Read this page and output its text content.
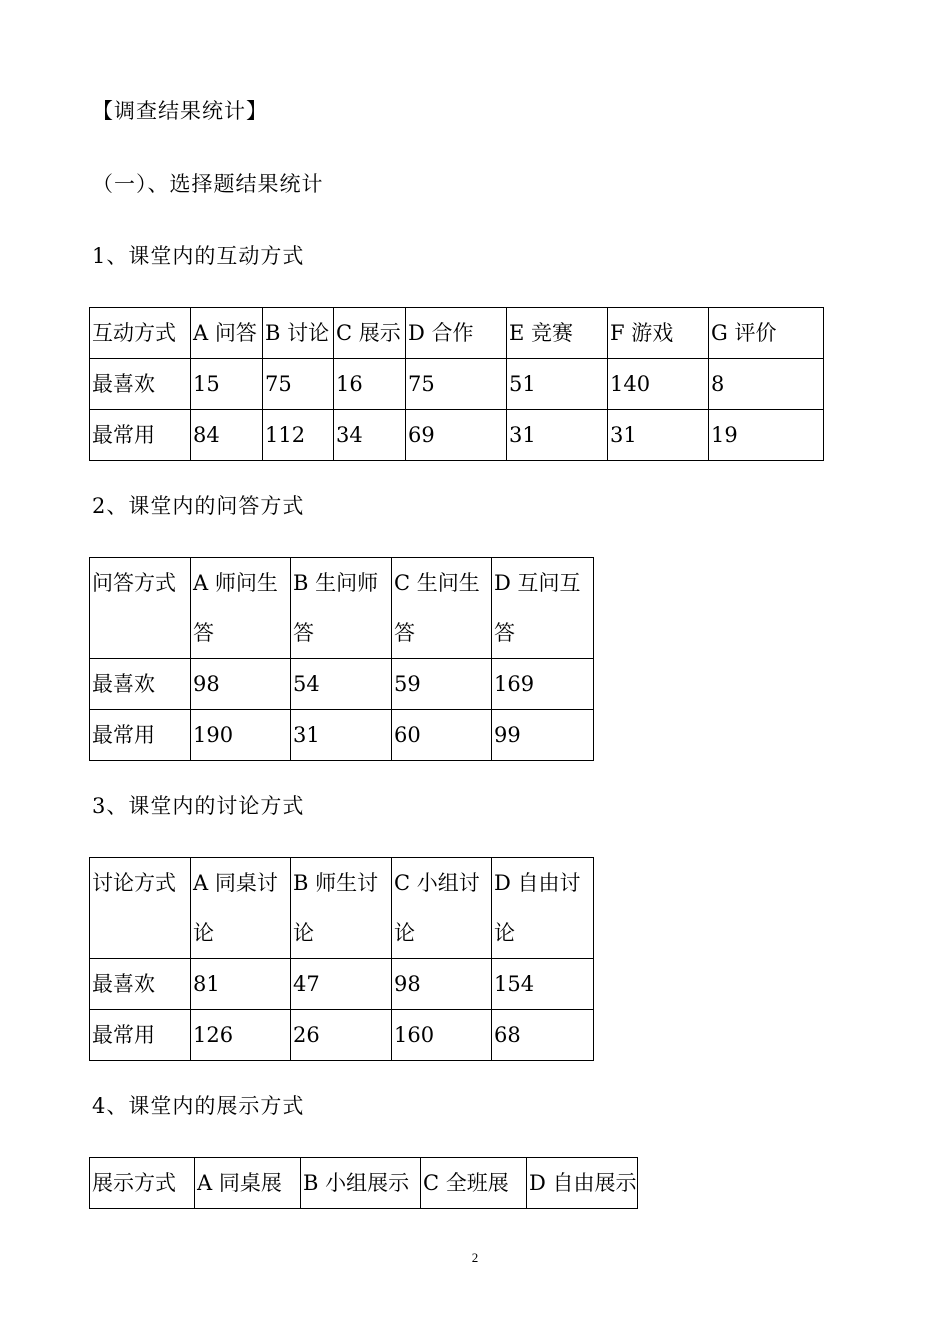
【调查结果统计】
（一）、选择题结果统计
1、课堂内的互动方式
互动方式	A 问答	B 讨论	C 展示	D 合作	E 竞赛	F 游戏	G 评价
最喜欢	15	75	16	75	51	140	8
最常用	84	112	34	69	31	31	19
2、课堂内的问答方式
问答方式	A 师问生答	B 生问师答	C 生问生答	D 互问互答
最喜欢	98	54	59	169
最常用	190	31	60	99
3、课堂内的讨论方式
讨论方式	A 同桌讨论	B 师生讨论	C 小组讨论	D 自由讨论
最喜欢	81	47	98	154
最常用	126	26	160	68
4、课堂内的展示方式
展示方式	A 同桌展	B 小组展示	C 全班展	D 自由展示
2
